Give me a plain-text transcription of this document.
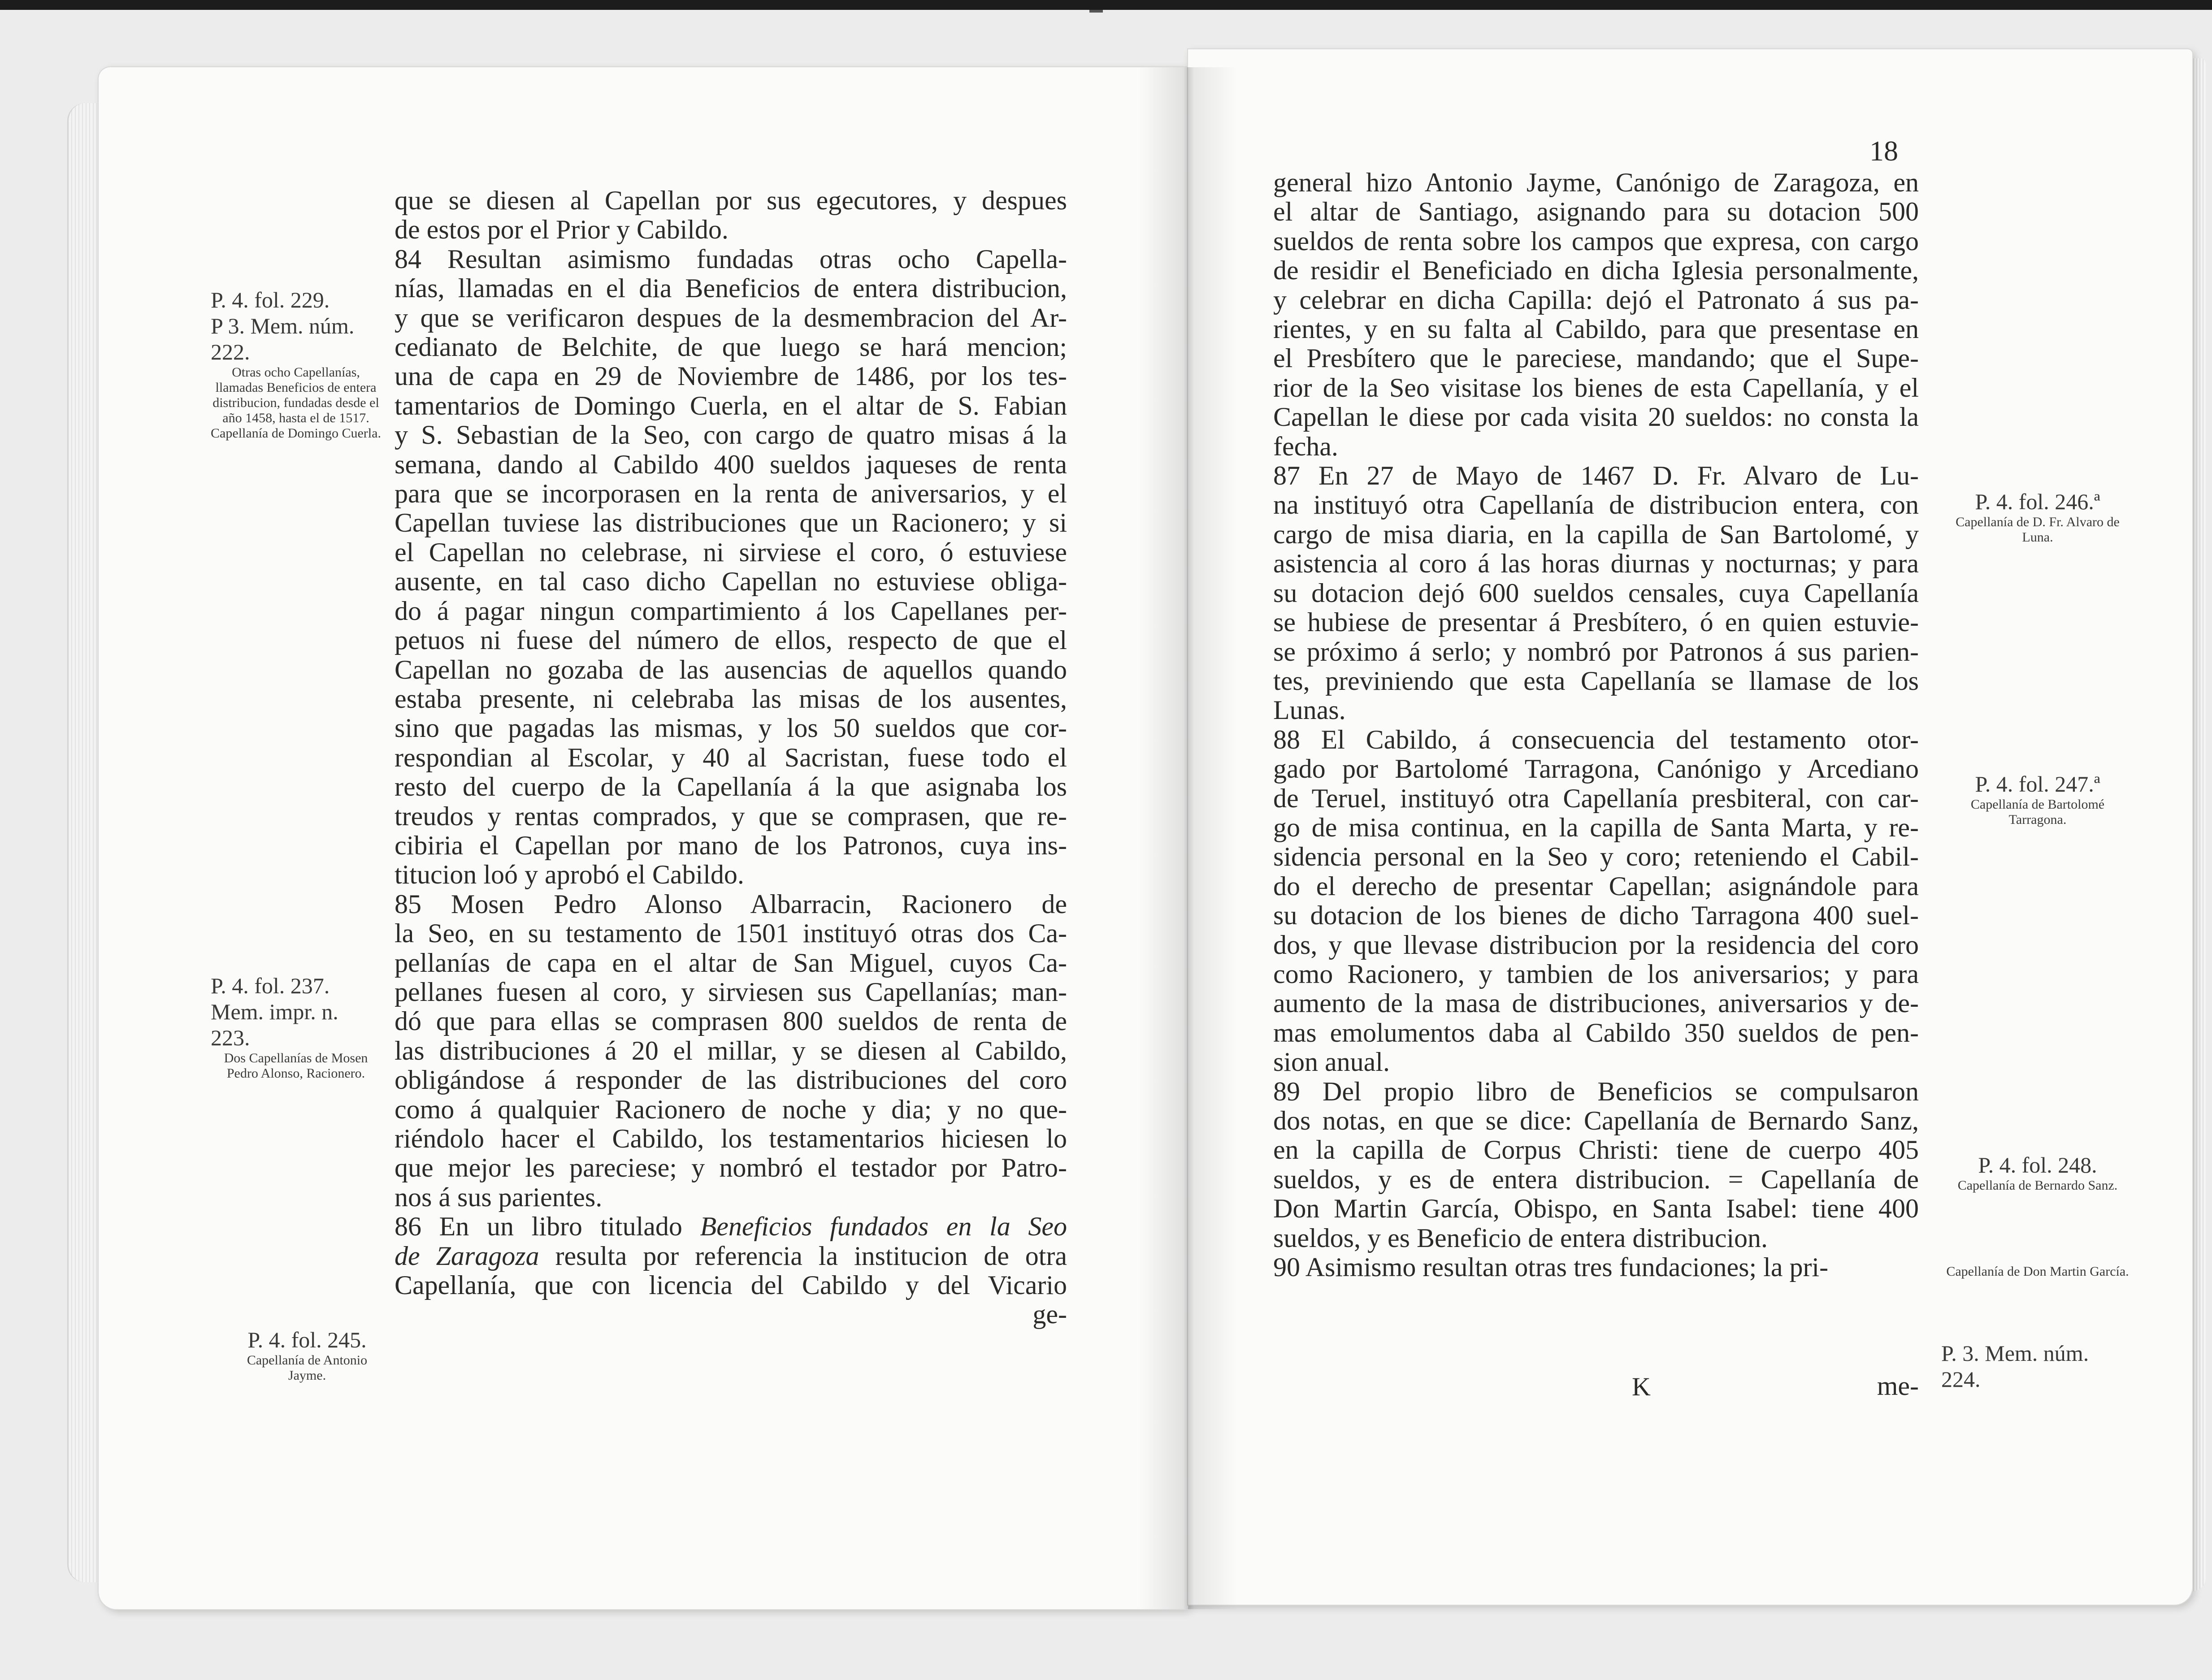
P. 4. fol. 229.
P 3. Mem. núm.
222.
Otras ocho Capellanías, llamadas Beneficios de entera distribucion, fundadas desde el año 1458, hasta el de 1517.
Capellanía de Domingo Cuerla.
P. 4. fol. 237.
Mem. impr. n.
223.
Dos Capellanías de Mosen Pedro Alonso, Racionero.
P. 4. fol. 245.
Capellanía de Antonio Jayme.
que se diesen al Capellan por sus egecutores, y despues
de estos por el Prior y Cabildo.
84 Resultan asimismo fundadas otras ocho Capella-
nías, llamadas en el dia Beneficios de entera distribucion,
y que se verificaron despues de la desmembracion del Ar-
cedianato de Belchite, de que luego se hará mencion;
una de capa en 29 de Noviembre de 1486, por los tes-
tamentarios de Domingo Cuerla, en el altar de S. Fabian
y S. Sebastian de la Seo, con cargo de quatro misas á la
semana, dando al Cabildo 400 sueldos jaqueses de renta
para que se incorporasen en la renta de aniversarios, y el
Capellan tuviese las distribuciones que un Racionero; y si
el Capellan no celebrase, ni sirviese el coro, ó estuviese
ausente, en tal caso dicho Capellan no estuviese obliga-
do á pagar ningun compartimiento á los Capellanes per-
petuos ni fuese del número de ellos, respecto de que el
Capellan no gozaba de las ausencias de aquellos quando
estaba presente, ni celebraba las misas de los ausentes,
sino que pagadas las mismas, y los 50 sueldos que cor-
respondian al Escolar, y 40 al Sacristan, fuese todo el
resto del cuerpo de la Capellanía á la que asignaba los
treudos y rentas comprados, y que se comprasen, que re-
cibiria el Capellan por mano de los Patronos, cuya ins-
titucion loó y aprobó el Cabildo.
85 Mosen Pedro Alonso Albarracin, Racionero de
la Seo, en su testamento de 1501 instituyó otras dos Ca-
pellanías de capa en el altar de San Miguel, cuyos Ca-
pellanes fuesen al coro, y sirviesen sus Capellanías; man-
dó que para ellas se comprasen 800 sueldos de renta de
las distribuciones á 20 el millar, y se diesen al Cabildo,
obligándose á responder de las distribuciones del coro
como á qualquier Racionero de noche y dia; y no que-
riéndolo hacer el Cabildo, los testamentarios hiciesen lo
que mejor les pareciese; y nombró el testador por Patro-
nos á sus parientes.
86 En un libro titulado Beneficios fundados en la Seo
de Zaragoza resulta por referencia la institucion de otra
Capellanía, que con licencia del Cabildo y del Vicario
ge-
18
general hizo Antonio Jayme, Canónigo de Zaragoza, en
el altar de Santiago, asignando para su dotacion 500
sueldos de renta sobre los campos que expresa, con cargo
de residir el Beneficiado en dicha Iglesia personalmente,
y celebrar en dicha Capilla: dejó el Patronato á sus pa-
rientes, y en su falta al Cabildo, para que presentase en
el Presbítero que le pareciese, mandando; que el Supe-
rior de la Seo visitase los bienes de esta Capellanía, y el
Capellan le diese por cada visita 20 sueldos: no consta la
fecha.
87 En 27 de Mayo de 1467 D. Fr. Alvaro de Lu-
na instituyó otra Capellanía de distribucion entera, con
cargo de misa diaria, en la capilla de San Bartolomé, y
asistencia al coro á las horas diurnas y nocturnas; y para
su dotacion dejó 600 sueldos censales, cuya Capellanía
se hubiese de presentar á Presbítero, ó en quien estuvie-
se próximo á serlo; y nombró por Patronos á sus parien-
tes, previniendo que esta Capellanía se llamase de los
Lunas.
88 El Cabildo, á consecuencia del testamento otor-
gado por Bartolomé Tarragona, Canónigo y Arcediano
de Teruel, instituyó otra Capellanía presbiteral, con car-
go de misa continua, en la capilla de Santa Marta, y re-
sidencia personal en la Seo y coro; reteniendo el Cabil-
do el derecho de presentar Capellan; asignándole para
su dotacion de los bienes de dicho Tarragona 400 suel-
dos, y que llevase distribucion por la residencia del coro
como Racionero, y tambien de los aniversarios; y para
aumento de la masa de distribuciones, aniversarios y de-
mas emolumentos daba al Cabildo 350 sueldos de pen-
sion anual.
89 Del propio libro de Beneficios se compulsaron
dos notas, en que se dice: Capellanía de Bernardo Sanz,
en la capilla de Corpus Christi: tiene de cuerpo 405
sueldos, y es de entera distribucion. = Capellanía de
Don Martin García, Obispo, en Santa Isabel: tiene 400
sueldos, y es Beneficio de entera distribucion.
90 Asimismo resultan otras tres fundaciones; la pri-
K	me-
P. 4. fol. 246.ª
Capellanía de D. Fr. Alvaro de Luna.
P. 4. fol. 247.ª
Capellanía de Bartolomé Tarragona.
P. 4. fol. 248.
Capellanía de Bernardo Sanz.
Capellanía de Don Martin García.
P. 3. Mem. núm.
224.
